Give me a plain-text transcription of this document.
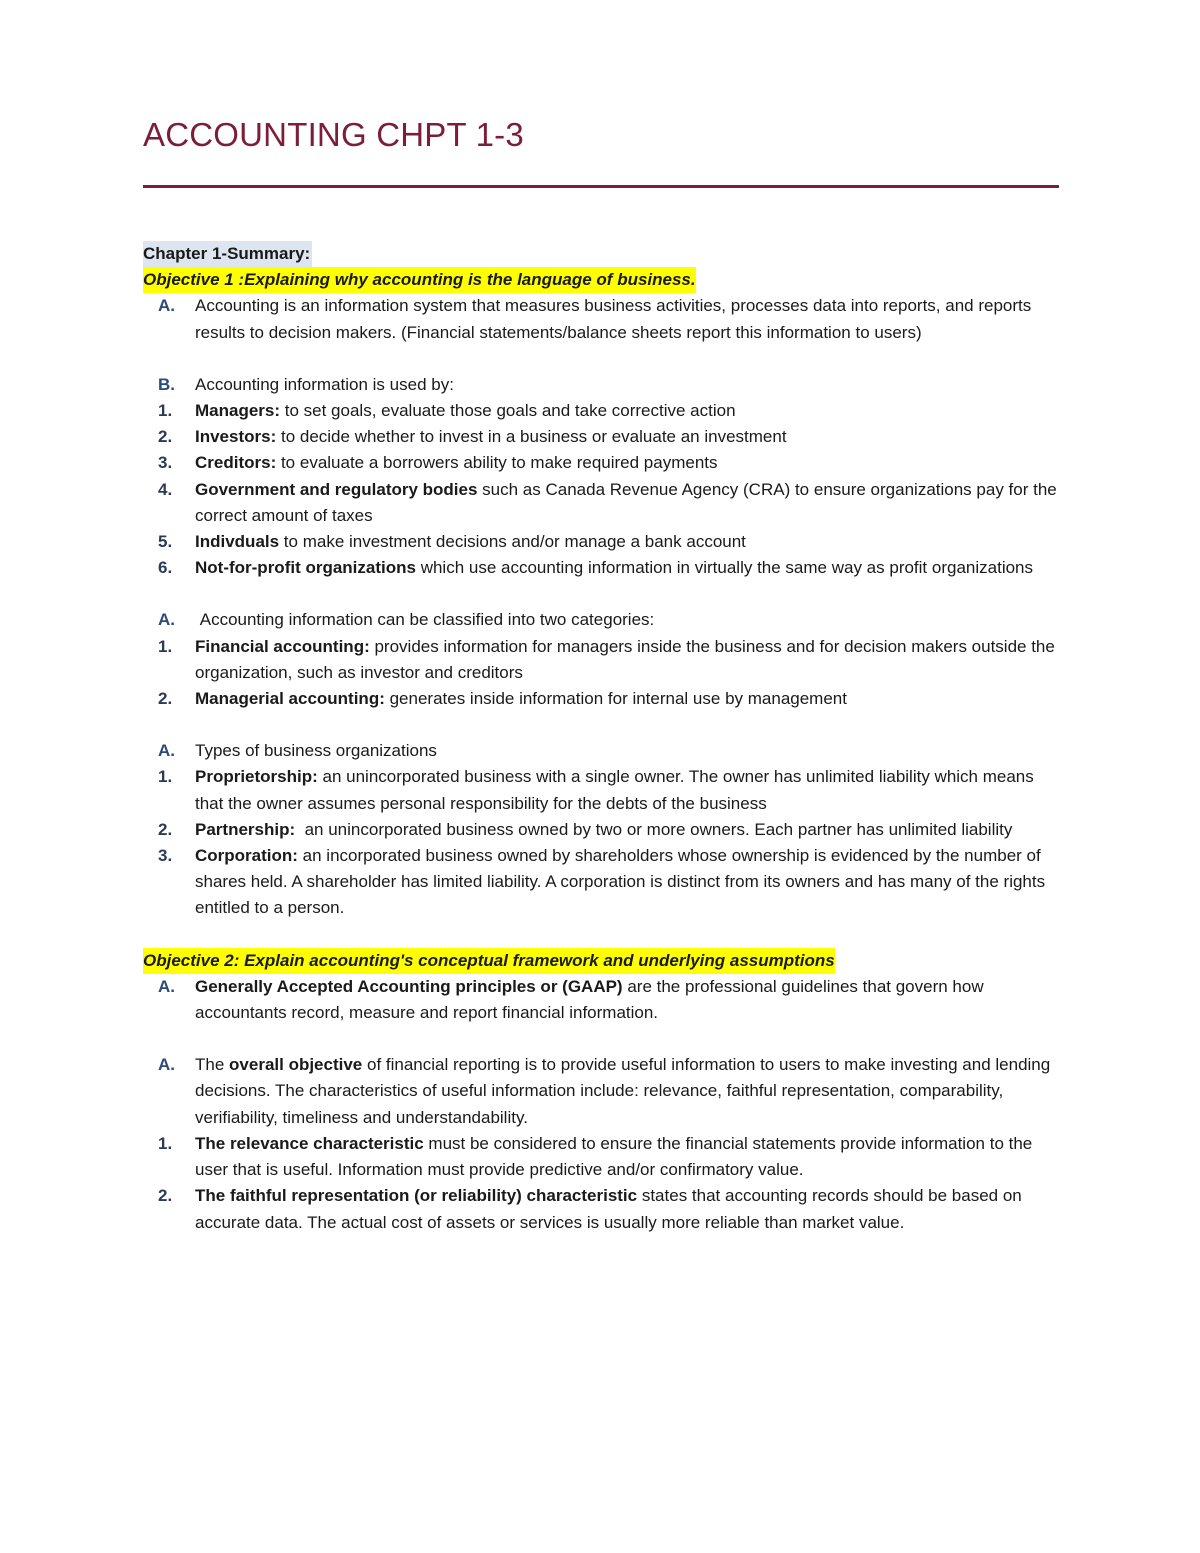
ACCOUNTING CHPT 1-3
Chapter 1-Summary:
Objective 1 :Explaining why accounting is the language of business.
A.	Accounting is an information system that measures business activities, processes data into reports, and reports results to decision makers. (Financial statements/balance sheets report this information to users)
B.	Accounting information is used by:
1.	Managers: to set goals, evaluate those goals and take corrective action
2.	Investors: to decide whether to invest in a business or evaluate an investment
3.	Creditors: to evaluate a borrowers ability to make required payments
4.	Government and regulatory bodies such as Canada Revenue Agency (CRA) to ensure organizations pay for the correct amount of taxes
5.	Indivduals to make investment decisions and/or manage a bank account
6.	Not-for-profit organizations which use accounting information in virtually the same way as profit organizations
A.	Accounting information can be classified into two categories:
1.	Financial accounting: provides information for managers inside the business and for decision makers outside the organization, such as investor and creditors
2.	Managerial accounting: generates inside information for internal use by management
A.	Types of business organizations
1.	Proprietorship: an unincorporated business with a single owner. The owner has unlimited liability which means that the owner assumes personal responsibility for the debts of the business
2.	Partnership:  an unincorporated business owned by two or more owners. Each partner has unlimited liability
3.	Corporation: an incorporated business owned by shareholders whose ownership is evidenced by the number of shares held. A shareholder has limited liability. A corporation is distinct from its owners and has many of the rights entitled to a person.
Objective 2: Explain accounting's conceptual framework and underlying assumptions
A.	Generally Accepted Accounting principles or (GAAP) are the professional guidelines that govern how accountants record, measure and report financial information.
A.	The overall objective of financial reporting is to provide useful information to users to make investing and lending decisions. The characteristics of useful information include: relevance, faithful representation, comparability, verifiability, timeliness and understandability.
1.	The relevance characteristic must be considered to ensure the financial statements provide information to the user that is useful. Information must provide predictive and/or confirmatory value.
2.	The faithful representation (or reliability) characteristic states that accounting records should be based on accurate data. The actual cost of assets or services is usually more reliable than market value.
